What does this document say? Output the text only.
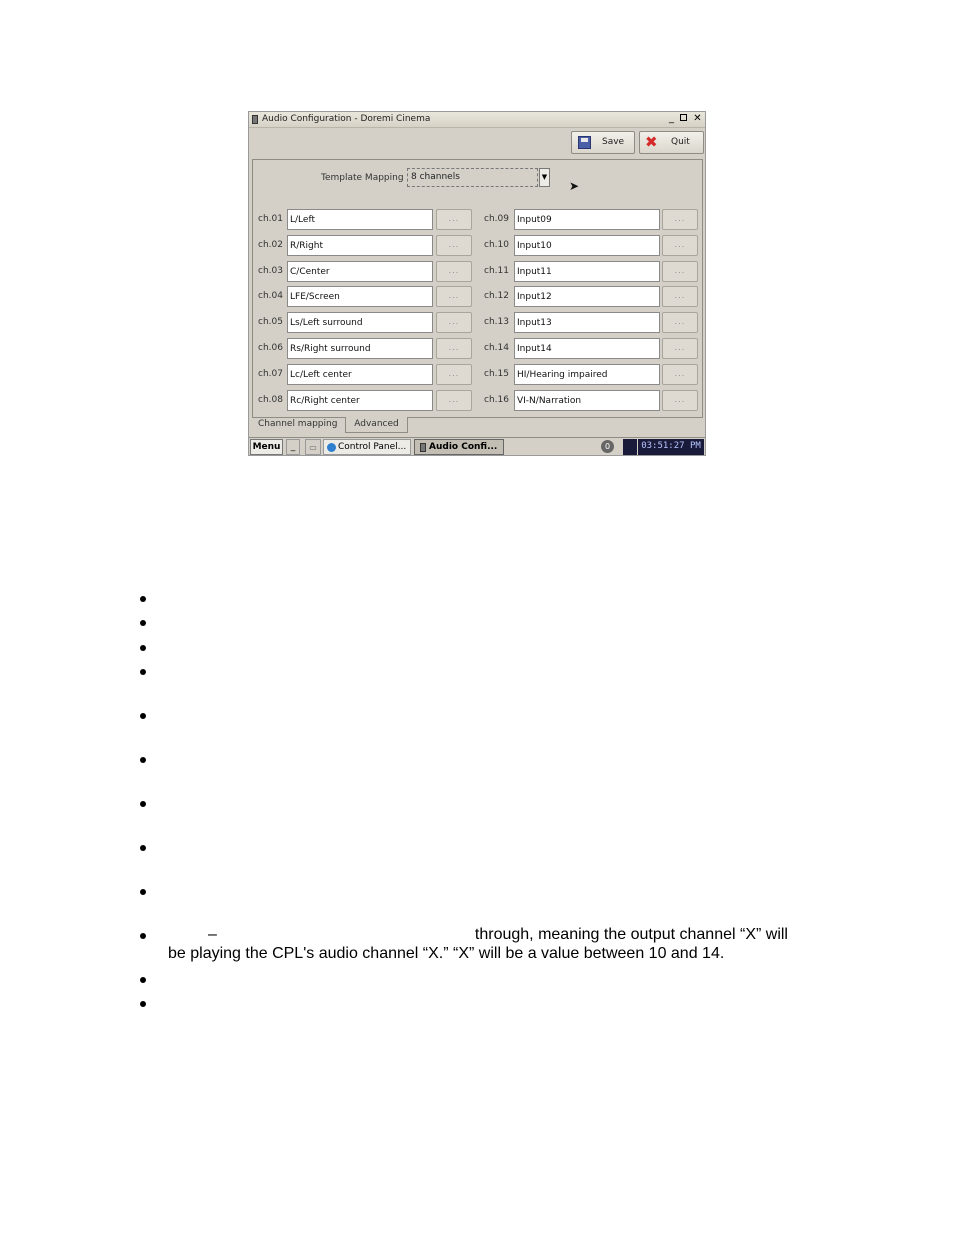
Audio Configuration - Doremi Cinema	_	✕
Save ✖ Quit
Template Mapping 8 channels	▼
➤
ch.01 L/Left	...
ch.02 R/Right	...
ch.03 C/Center	...
ch.04 LFE/Screen	...
ch.05 Ls/Left surround	...
ch.06 Rs/Right surround	...
ch.07 Lc/Left center	...
ch.08 Rc/Right center	...
ch.09 Input09	...
ch.10 Input10	...
ch.11 Input11	...
ch.12 Input12	...
ch.13 Input13	...
ch.14 Input14	...
ch.15 HI/Hearing impaired	...
ch.16 VI-N/Narration	...
Channel mapping	Advanced
Menu	_	▭	Control Panel...	Audio Confi...	0	03:51:27 PM
–	through, meaning the output channel “X” will
be playing the CPL's audio channel “X.” “X” will be a value between 10 and 14.
